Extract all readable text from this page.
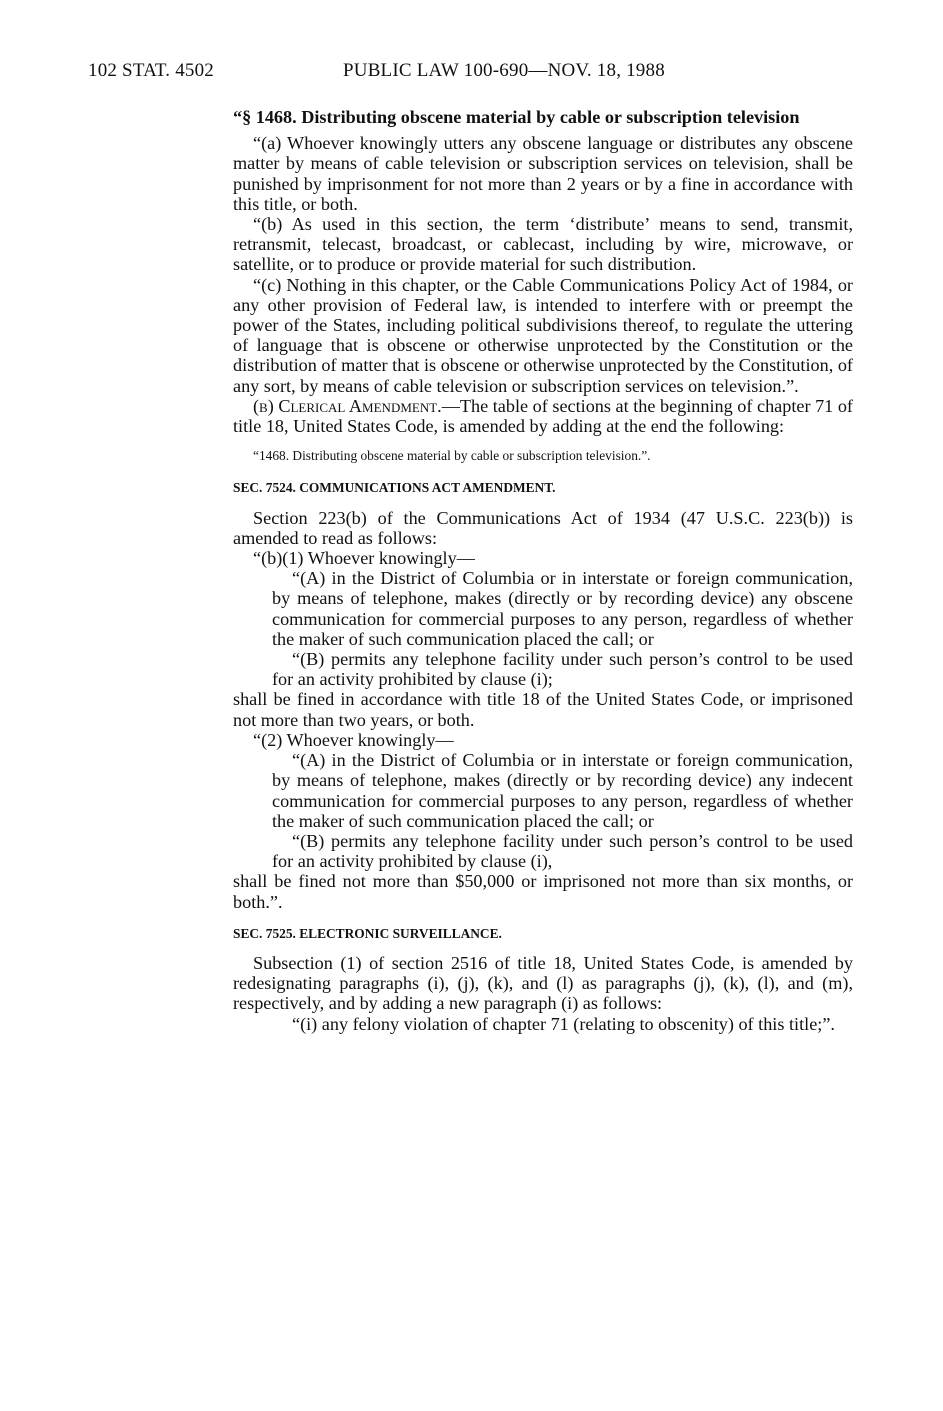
102 STAT. 4502	PUBLIC LAW 100-690—NOV. 18, 1988

“§ 1468. Distributing obscene material by cable or subscription television

“(a) Whoever knowingly utters any obscene language or distributes any obscene matter by means of cable television or subscription services on television, shall be punished by imprisonment for not more than 2 years or by a fine in accordance with this title, or both.

“(b) As used in this section, the term ‘distribute’ means to send, transmit, retransmit, telecast, broadcast, or cablecast, including by wire, microwave, or satellite, or to produce or provide material for such distribution.

“(c) Nothing in this chapter, or the Cable Communications Policy Act of 1984, or any other provision of Federal law, is intended to interfere with or preempt the power of the States, including political subdivisions thereof, to regulate the uttering of language that is obscene or otherwise unprotected by the Constitution or the distribution of matter that is obscene or otherwise unprotected by the Constitution, of any sort, by means of cable television or subscription services on television.”.

(b) Clerical Amendment.—The table of sections at the beginning of chapter 71 of title 18, United States Code, is amended by adding at the end the following:

“1468. Distributing obscene material by cable or subscription television.”.

SEC. 7524. COMMUNICATIONS ACT AMENDMENT.

Section 223(b) of the Communications Act of 1934 (47 U.S.C. 223(b)) is amended to read as follows:

“(b)(1) Whoever knowingly—

“(A) in the District of Columbia or in interstate or foreign communication, by means of telephone, makes (directly or by recording device) any obscene communication for commercial purposes to any person, regardless of whether the maker of such communication placed the call; or

“(B) permits any telephone facility under such person’s control to be used for an activity prohibited by clause (i);

shall be fined in accordance with title 18 of the United States Code, or imprisoned not more than two years, or both.

“(2) Whoever knowingly—

“(A) in the District of Columbia or in interstate or foreign communication, by means of telephone, makes (directly or by recording device) any indecent communication for commercial purposes to any person, regardless of whether the maker of such communication placed the call; or

“(B) permits any telephone facility under such person’s control to be used for an activity prohibited by clause (i),

shall be fined not more than $50,000 or imprisoned not more than six months, or both.”.

SEC. 7525. ELECTRONIC SURVEILLANCE.

Subsection (1) of section 2516 of title 18, United States Code, is amended by redesignating paragraphs (i), (j), (k), and (l) as paragraphs (j), (k), (l), and (m), respectively, and by adding a new paragraph (i) as follows:

“(i) any felony violation of chapter 71 (relating to obscenity) of this title;”.
